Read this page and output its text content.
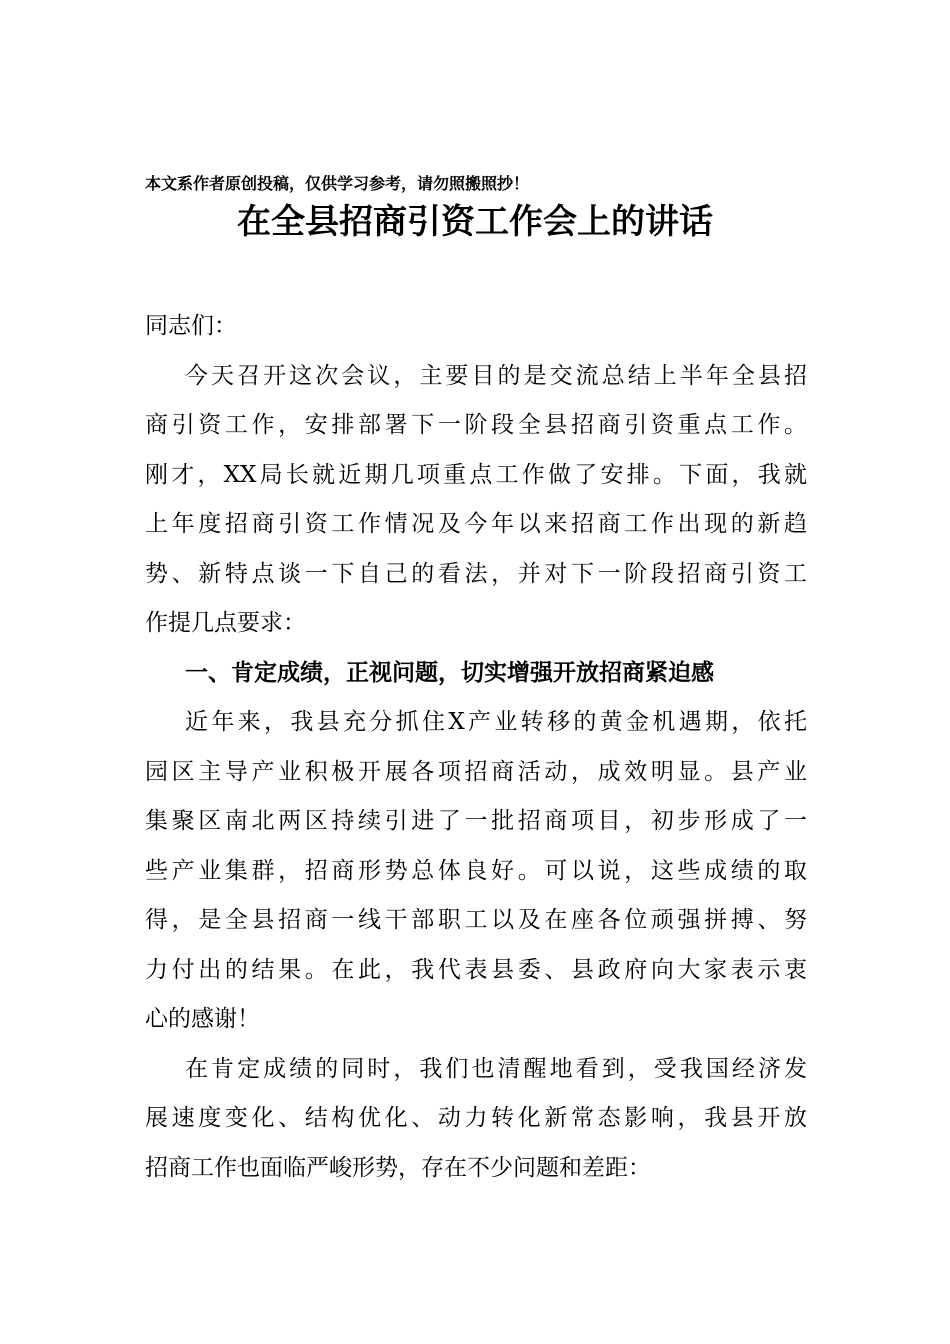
本文系作者原创投稿，仅供学习参考，请勿照搬照抄！
在全县招商引资工作会上的讲话
同志们：
今天召开这次会议，主要目的是交流总结上半年全县招
商引资工作，安排部署下一阶段全县招商引资重点工作。
刚才，XX局长就近期几项重点工作做了安排。下面，我就
上年度招商引资工作情况及今年以来招商工作出现的新趋
势、新特点谈一下自己的看法，并对下一阶段招商引资工
作提几点要求：
一、肯定成绩，正视问题，切实增强开放招商紧迫感
近年来，我县充分抓住X产业转移的黄金机遇期，依托
园区主导产业积极开展各项招商活动，成效明显。县产业
集聚区南北两区持续引进了一批招商项目，初步形成了一
些产业集群，招商形势总体良好。可以说，这些成绩的取
得，是全县招商一线干部职工以及在座各位顽强拼搏、努
力付出的结果。在此，我代表县委、县政府向大家表示衷
心的感谢！
在肯定成绩的同时，我们也清醒地看到，受我国经济发
展速度变化、结构优化、动力转化新常态影响，我县开放
招商工作也面临严峻形势，存在不少问题和差距：
